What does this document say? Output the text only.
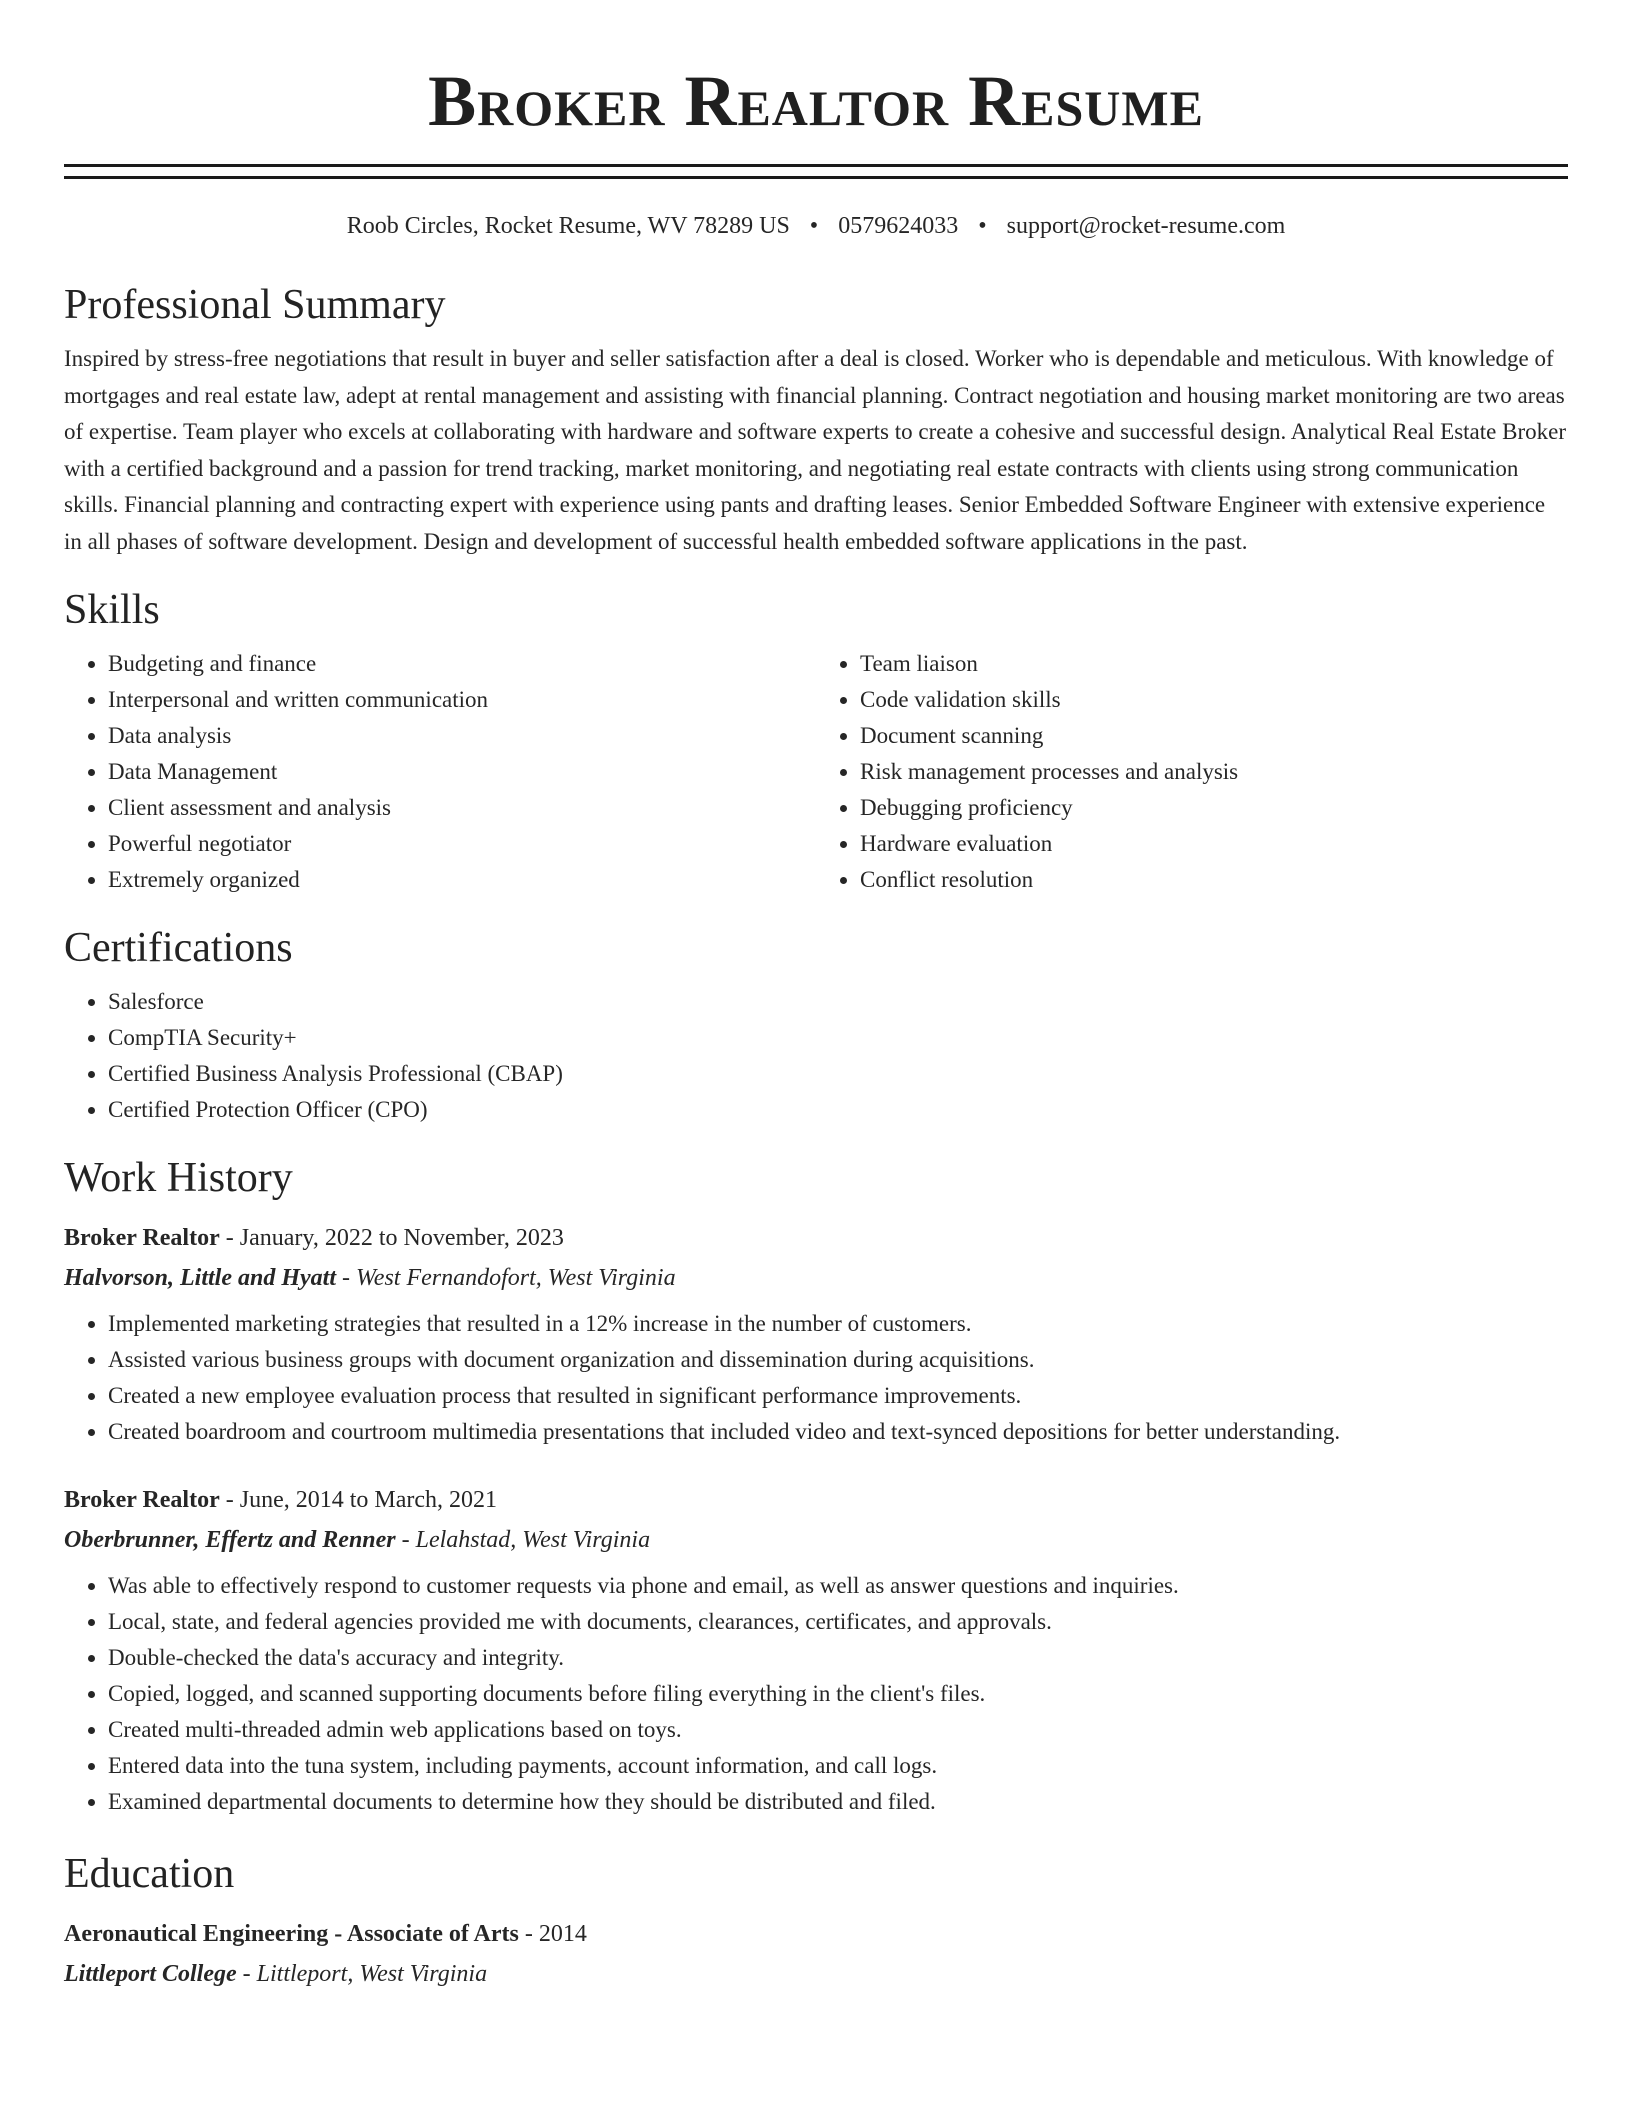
Broker Realtor Resume
Roob Circles, Rocket Resume, WV 78289 US • 0579624033 • support@rocket-resume.com
Professional Summary

Inspired by stress-free negotiations that result in buyer and seller satisfaction after a deal is closed. Worker who is dependable and meticulous. With knowledge of mortgages and real estate law, adept at rental management and assisting with financial planning. Contract negotiation and housing market monitoring are two areas of expertise. Team player who excels at collaborating with hardware and software experts to create a cohesive and successful design. Analytical Real Estate Broker with a certified background and a passion for trend tracking, market monitoring, and negotiating real estate contracts with clients using strong communication skills. Financial planning and contracting expert with experience using pants and drafting leases. Senior Embedded Software Engineer with extensive experience in all phases of software development. Design and development of successful health embedded software applications in the past.

Skills
• Budgeting and finance
• Interpersonal and written communication
• Data analysis
• Data Management
• Client assessment and analysis
• Powerful negotiator
• Extremely organized
• Team liaison
• Code validation skills
• Document scanning
• Risk management processes and analysis
• Debugging proficiency
• Hardware evaluation
• Conflict resolution
Certifications
• Salesforce
• CompTIA Security+
• Certified Business Analysis Professional (CBAP)
• Certified Protection Officer (CPO)
Work History
Broker Realtor - January, 2022 to November, 2023
Halvorson, Little and Hyatt - West Fernandofort, West Virginia
• Implemented marketing strategies that resulted in a 12% increase in the number of customers.
• Assisted various business groups with document organization and dissemination during acquisitions.
• Created a new employee evaluation process that resulted in significant performance improvements.
• Created boardroom and courtroom multimedia presentations that included video and text-synced depositions for better understanding.
Broker Realtor - June, 2014 to March, 2021
Oberbrunner, Effertz and Renner - Lelahstad, West Virginia
• Was able to effectively respond to customer requests via phone and email, as well as answer questions and inquiries.
• Local, state, and federal agencies provided me with documents, clearances, certificates, and approvals.
• Double-checked the data's accuracy and integrity.
• Copied, logged, and scanned supporting documents before filing everything in the client's files.
• Created multi-threaded admin web applications based on toys.
• Entered data into the tuna system, including payments, account information, and call logs.
• Examined departmental documents to determine how they should be distributed and filed.
Education
Aeronautical Engineering - Associate of Arts - 2014
Littleport College - Littleport, West Virginia
